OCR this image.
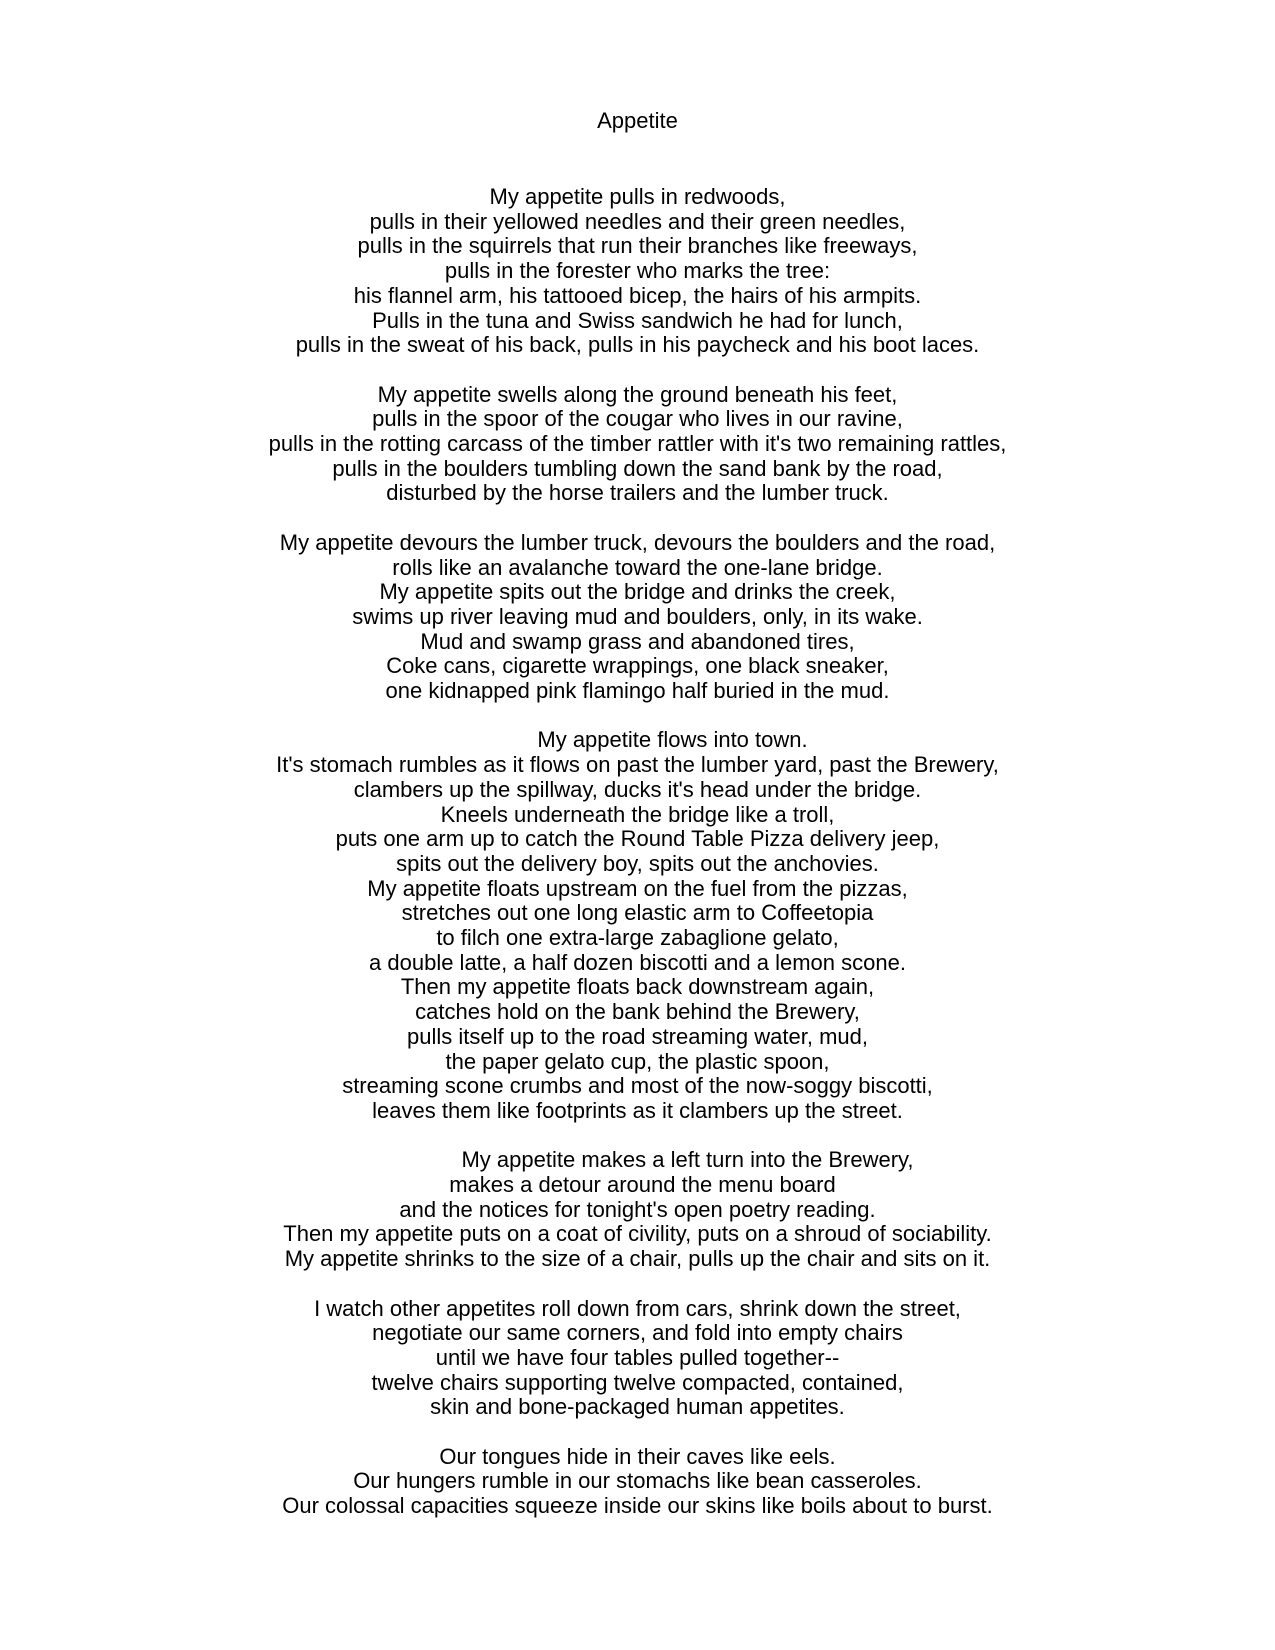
Appetite

My appetite pulls in redwoods,
pulls in their yellowed needles and their green needles,
pulls in the squirrels that run their branches like freeways,
pulls in the forester who marks the tree:
his flannel arm, his tattooed bicep, the hairs of his armpits.
Pulls in the tuna and Swiss sandwich he had for lunch,
pulls in the sweat of his back, pulls in his paycheck and his boot laces.

My appetite swells along the ground beneath his feet,
pulls in the spoor of the cougar who lives in our ravine,
pulls in the rotting carcass of the timber rattler with it's two remaining rattles,
pulls in the boulders tumbling down the sand bank by the road,
disturbed by the horse trailers and the lumber truck.

My appetite devours the lumber truck, devours the boulders and the road,
rolls like an avalanche toward the one-lane bridge.
My appetite spits out the bridge and drinks the creek,
swims up river leaving mud and boulders, only, in its wake.
Mud and swamp grass and abandoned tires,
Coke cans, cigarette wrappings, one black sneaker,
one kidnapped pink flamingo half buried in the mud.

My appetite flows into town.
It's stomach rumbles as it flows on past the lumber yard, past the Brewery,
clambers up the spillway, ducks it's head under the bridge.
Kneels underneath the bridge like a troll,
puts one arm up to catch the Round Table Pizza delivery jeep,
spits out the delivery boy, spits out the anchovies.
My appetite floats upstream on the fuel from the pizzas,
stretches out one long elastic arm to Coffeetopia
to filch one extra-large zabaglione gelato,
a double latte, a half dozen biscotti and a lemon scone.
Then my appetite floats back downstream again,
catches hold on the bank behind the Brewery,
pulls itself up to the road streaming water, mud,
the paper gelato cup, the plastic spoon,
streaming scone crumbs and most of the now-soggy biscotti,
leaves them like footprints as it clambers up the street.

My appetite makes a left turn into the Brewery,
makes a detour around the menu board
and the notices for tonight's open poetry reading.
Then my appetite puts on a coat of civility, puts on a shroud of sociability.
My appetite shrinks to the size of a chair, pulls up the chair and sits on it.

I watch other appetites roll down from cars, shrink down the street,
negotiate our same corners, and fold into empty chairs
until we have four tables pulled together--
twelve chairs supporting twelve compacted, contained,
skin and bone-packaged human appetites.

Our tongues hide in their caves like eels.
Our hungers rumble in our stomachs like bean casseroles.
Our colossal capacities squeeze inside our skins like boils about to burst.
